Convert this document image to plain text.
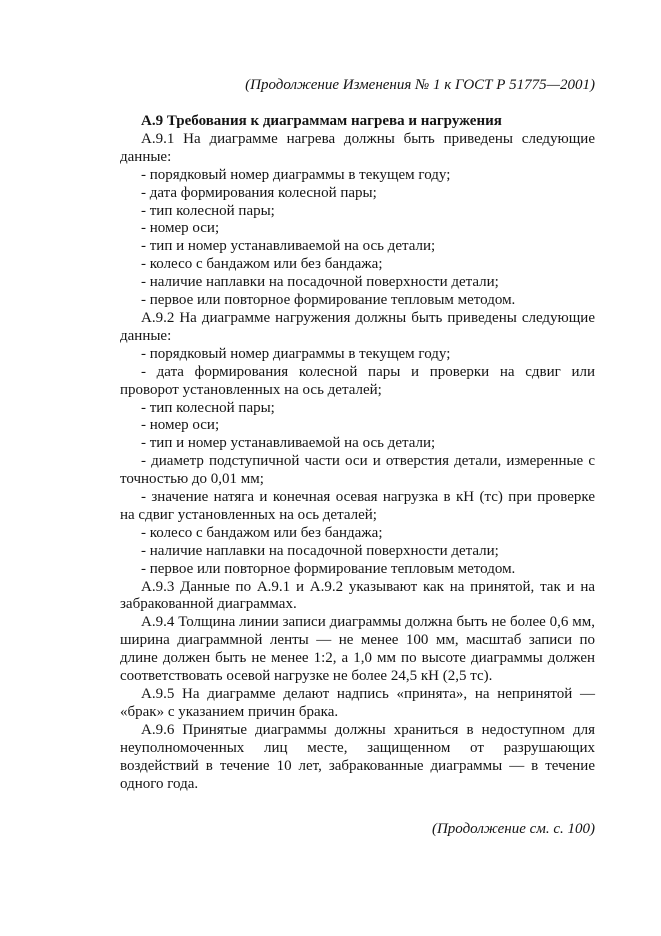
(Продолжение Изменения № 1 к ГОСТ Р 51775—2001)

А.9 Требования к диаграммам нагрева и нагружения

А.9.1 На диаграмме нагрева должны быть приведены следующие данные:

- порядковый номер диаграммы в текущем году;

- дата формирования колесной пары;

- тип колесной пары;

- номер оси;

- тип и номер устанавливаемой на ось детали;

- колесо с бандажом или без бандажа;

- наличие наплавки на посадочной поверхности детали;

- первое или повторное формирование тепловым методом.

А.9.2 На диаграмме нагружения должны быть приведены следующие данные:

- порядковый номер диаграммы в текущем году;

- дата формирования колесной пары и проверки на сдвиг или проворот установленных на ось деталей;

- тип колесной пары;

- номер оси;

- тип и номер устанавливаемой на ось детали;

- диаметр подступичной части оси и отверстия детали, измеренные с точностью до 0,01 мм;

- значение натяга и конечная осевая нагрузка в кН (тс) при проверке на сдвиг установленных на ось деталей;

- колесо с бандажом или без бандажа;

- наличие наплавки на посадочной поверхности детали;

- первое или повторное формирование тепловым методом.

А.9.3 Данные по А.9.1 и А.9.2 указывают как на принятой, так и на забракованной диаграммах.

А.9.4 Толщина линии записи диаграммы должна быть не более 0,6 мм, ширина диаграммной ленты — не менее 100 мм, масштаб записи по длине должен быть не менее 1:2, а 1,0 мм по высоте диаграммы должен соответствовать осевой нагрузке не более 24,5 кН (2,5 тс).

А.9.5 На диаграмме делают надпись «принята», на непринятой — «брак» с указанием причин брака.

А.9.6 Принятые диаграммы должны храниться в недоступном для неуполномоченных лиц месте, защищенном от разрушающих воздействий в течение 10 лет, забракованные диаграммы — в течение одного года.

(Продолжение см. с. 100)
